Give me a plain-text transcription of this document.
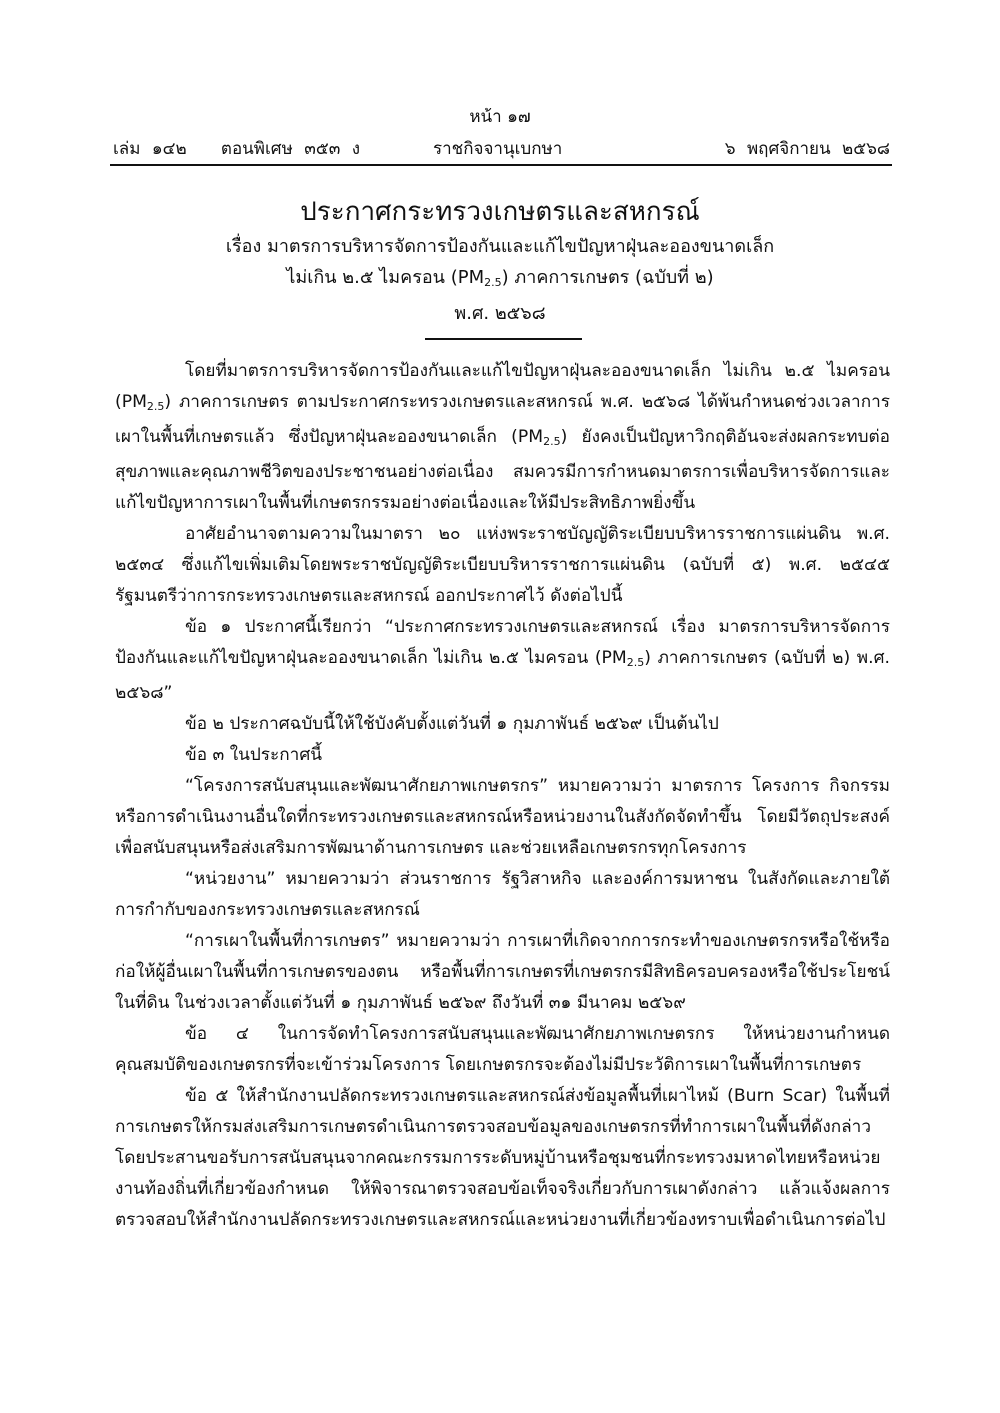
หน้า ๑๗
เล่ม ๑๔๒ ตอนพิเศษ ๓๕๓ ง	ราชกิจจานุเบกษา	๖ พฤศจิกายน ๒๕๖๘
ประกาศกระทรวงเกษตรและสหกรณ์

เรื่อง มาตรการบริหารจัดการป้องกันและแก้ไขปัญหาฝุ่นละอองขนาดเล็ก

ไม่เกิน ๒.๕ ไมครอน $(PM_{2.5})$ ภาคการเกษตร (ฉบับที่ ๒)

พ.ศ. ๒๕๖๘

โดยที่มาตรการบริหารจัดการป้องกันและแก้ไขปัญหาฝุ่นละอองขนาดเล็ก ไม่เกิน ๒.๕ ไมครอน $(PM_{2.5})$ ภาคการเกษตร ตามประกาศกระทรวงเกษตรและสหกรณ์ พ.ศ. ๒๕๖๘ ได้พ้นกำหนดช่วงเวลาการเผาในพื้นที่เกษตรแล้ว ซึ่งปัญหาฝุ่นละอองขนาดเล็ก $(PM_{2.5})$ ยังคงเป็นปัญหาวิกฤติอันจะส่งผลกระทบต่อสุขภาพและคุณภาพชีวิตของประชาชนอย่างต่อเนื่อง สมควรมีการกำหนดมาตรการเพื่อบริหารจัดการและแก้ไขปัญหาการเผาในพื้นที่เกษตรกรรมอย่างต่อเนื่องและให้มีประสิทธิภาพยิ่งขึ้น

อาศัยอำนาจตามความในมาตรา ๒๐ แห่งพระราชบัญญัติระเบียบบริหารราชการแผ่นดิน พ.ศ. ๒๕๓๔ ซึ่งแก้ไขเพิ่มเติมโดยพระราชบัญญัติระเบียบบริหารราชการแผ่นดิน (ฉบับที่ ๕) พ.ศ. ๒๕๔๕ รัฐมนตรีว่าการกระทรวงเกษตรและสหกรณ์ ออกประกาศไว้ ดังต่อไปนี้

ข้อ ๑ ประกาศนี้เรียกว่า “ประกาศกระทรวงเกษตรและสหกรณ์ เรื่อง มาตรการบริหารจัดการป้องกันและแก้ไขปัญหาฝุ่นละอองขนาดเล็ก ไม่เกิน ๒.๕ ไมครอน $(PM_{2.5})$ ภาคการเกษตร (ฉบับที่ ๒) พ.ศ. ๒๕๖๘”

ข้อ ๒ ประกาศฉบับนี้ให้ใช้บังคับตั้งแต่วันที่ ๑ กุมภาพันธ์ ๒๕๖๙ เป็นต้นไป

ข้อ ๓ ในประกาศนี้

“โครงการสนับสนุนและพัฒนาศักยภาพเกษตรกร” หมายความว่า มาตรการ โครงการ กิจกรรม หรือการดำเนินงานอื่นใดที่กระทรวงเกษตรและสหกรณ์หรือหน่วยงานในสังกัดจัดทำขึ้น โดยมีวัตถุประสงค์เพื่อสนับสนุนหรือส่งเสริมการพัฒนาด้านการเกษตร และช่วยเหลือเกษตรกรทุกโครงการ

“หน่วยงาน” หมายความว่า ส่วนราชการ รัฐวิสาหกิจ และองค์การมหาชน ในสังกัดและภายใต้การกำกับของกระทรวงเกษตรและสหกรณ์

“การเผาในพื้นที่การเกษตร” หมายความว่า การเผาที่เกิดจากการกระทำของเกษตรกรหรือใช้หรือก่อให้ผู้อื่นเผาในพื้นที่การเกษตรของตน หรือพื้นที่การเกษตรที่เกษตรกรมีสิทธิครอบครองหรือใช้ประโยชน์ในที่ดิน ในช่วงเวลาตั้งแต่วันที่ ๑ กุมภาพันธ์ ๒๕๖๙ ถึงวันที่ ๓๑ มีนาคม ๒๕๖๙

ข้อ ๔ ในการจัดทำโครงการสนับสนุนและพัฒนาศักยภาพเกษตรกร ให้หน่วยงานกำหนดคุณสมบัติของเกษตรกรที่จะเข้าร่วมโครงการ โดยเกษตรกรจะต้องไม่มีประวัติการเผาในพื้นที่การเกษตร

ข้อ ๕ ให้สำนักงานปลัดกระทรวงเกษตรและสหกรณ์ส่งข้อมูลพื้นที่เผาไหม้ (Burn Scar) ในพื้นที่การเกษตรให้กรมส่งเสริมการเกษตรดำเนินการตรวจสอบข้อมูลของเกษตรกรที่ทำการเผาในพื้นที่ดังกล่าว โดยประสานขอรับการสนับสนุนจากคณะกรรมการระดับหมู่บ้านหรือชุมชนที่กระทรวงมหาดไทยหรือหน่วยงานท้องถิ่นที่เกี่ยวข้องกำหนด ให้พิจารณาตรวจสอบข้อเท็จจริงเกี่ยวกับการเผาดังกล่าว แล้วแจ้งผลการตรวจสอบให้สำนักงานปลัดกระทรวงเกษตรและสหกรณ์และหน่วยงานที่เกี่ยวข้องทราบเพื่อดำเนินการต่อไป
